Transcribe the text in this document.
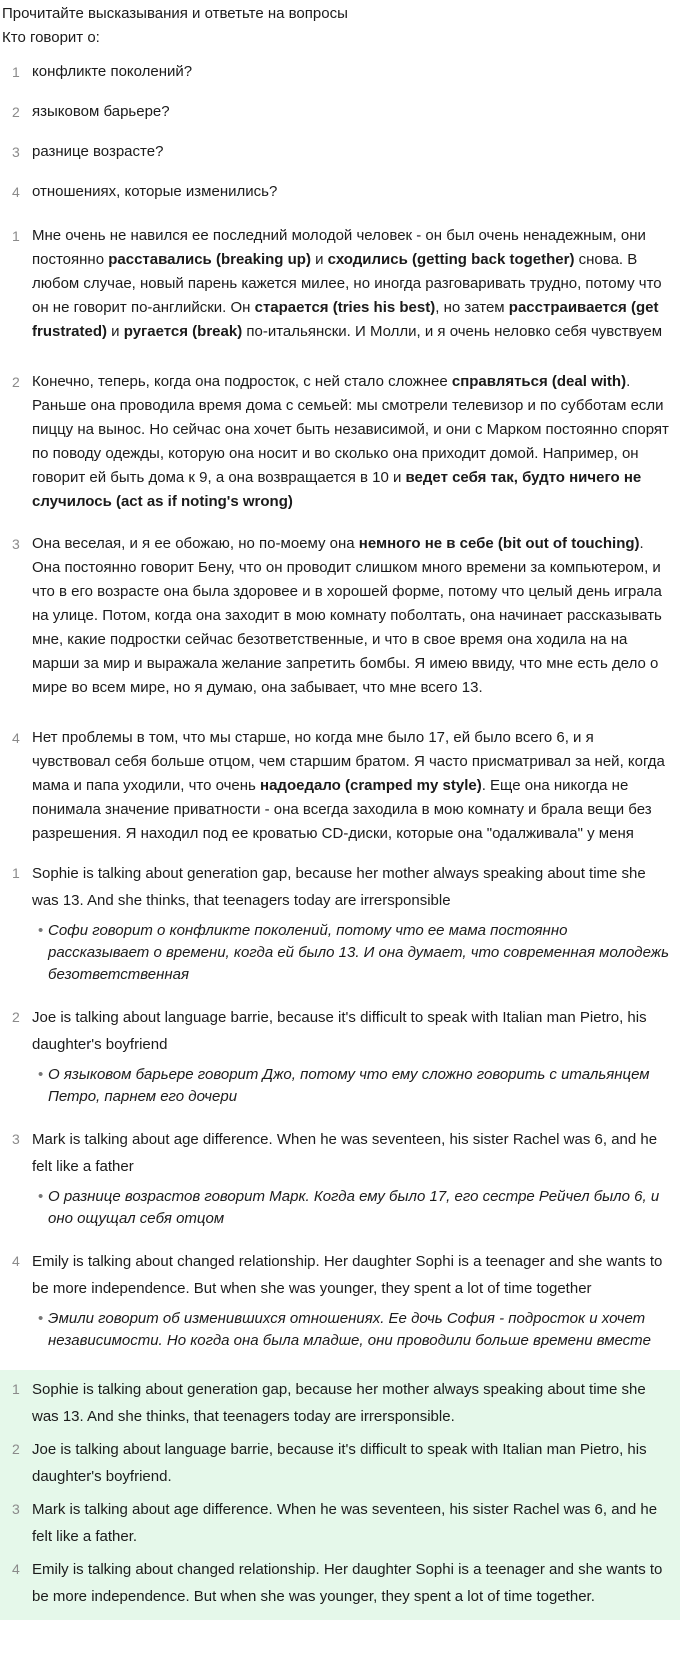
Прочитайте высказывания и ответьте на вопросы
Кто говорит о:
1 конфликте поколений?
2 языковом барьере?
3 разнице возрасте?
4 отношениях, которые изменились?
1 Мне очень не навился ее последний молодой человек - он был очень ненадежным, они постоянно расставались (breaking up) и сходились (getting back together) снова. В любом случае, новый парень кажется милее, но иногда разговаривать трудно, потому что он не говорит по-английски. Он старается (tries his best), но затем расстраивается (get frustrated) и ругается (break) по-итальянски. И Молли, и я очень неловко себя чувствуем
2 Конечно, теперь, когда она подросток, с ней стало сложнее справляться (deal with). Раньше она проводила время дома с семьей: мы смотрели телевизор и по субботам если пиццу на вынос. Но сейчас она хочет быть независимой, и они с Марком постоянно спорят по поводу одежды, которую она носит и во сколько она приходит домой. Например, он говорит ей быть дома к 9, а она возвращается в 10 и ведет себя так, будто ничего не случилось (act as if noting's wrong)
3 Она веселая, и я ее обожаю, но по-моему она немного не в себе (bit out of touching). Она постоянно говорит Бену, что он проводит слишком много времени за компьютером, и что в его возрасте она была здоровее и в хорошей форме, потому что целый день играла на улице. Потом, когда она заходит в мою комнату поболтать, она начинает рассказывать мне, какие подростки сейчас безответственные, и что в свое время она ходила на на марши за мир и выражала желание запретить бомбы. Я имею ввиду, что мне есть дело о мире во всем мире, но я думаю, она забывает, что мне всего 13.
4 Нет проблемы в том, что мы старше, но когда мне было 17, ей было всего 6, и я чувствовал себя больше отцом, чем старшим братом. Я часто присматривал за ней, когда мама и папа уходили, что очень надоедало (cramped my style). Еще она никогда не понимала значение приватности - она всегда заходила в мою комнату и брала вещи без разрешения. Я находил под ее кроватью CD-диски, которые она "одалживала" у меня
1 Sophie is talking about generation gap, because her mother always speaking about time she was 13. And she thinks, that teenagers today are irrersponsible
• Софи говорит о конфликте поколений, потому что ее мама постоянно рассказывает о времени, когда ей было 13. И она думает, что современная молодежь безответственная
2 Joe is talking about language barrie, because it's difficult to speak with Italian man Pietro, his daughter's boyfriend
• О языковом барьере говорит Джо, потому что ему сложно говорить с итальянцем Петро, парнем его дочери
3 Mark is talking about age difference. When he was seventeen, his sister Rachel was 6, and he felt like a father
• О разнице возрастов говорит Марк. Когда ему было 17, его сестре Рейчел было 6, и оно ощущал себя отцом
4 Emily is talking about changed relationship. Her daughter Sophi is a teenager and she wants to be more independence. But when she was younger, they spent a lot of time together
• Эмили говорит об изменившихся отношениях. Ее дочь София - подросток и хочет независимости. Но когда она была младше, они проводили больше времени вместе
1 Sophie is talking about generation gap, because her mother always speaking about time she was 13. And she thinks, that teenagers today are irrersponsible.
2 Joe is talking about language barrie, because it's difficult to speak with Italian man Pietro, his daughter's boyfriend.
3 Mark is talking about age difference. When he was seventeen, his sister Rachel was 6, and he felt like a father.
4 Emily is talking about changed relationship. Her daughter Sophi is a teenager and she wants to be more independence. But when she was younger, they spent a lot of time together.
